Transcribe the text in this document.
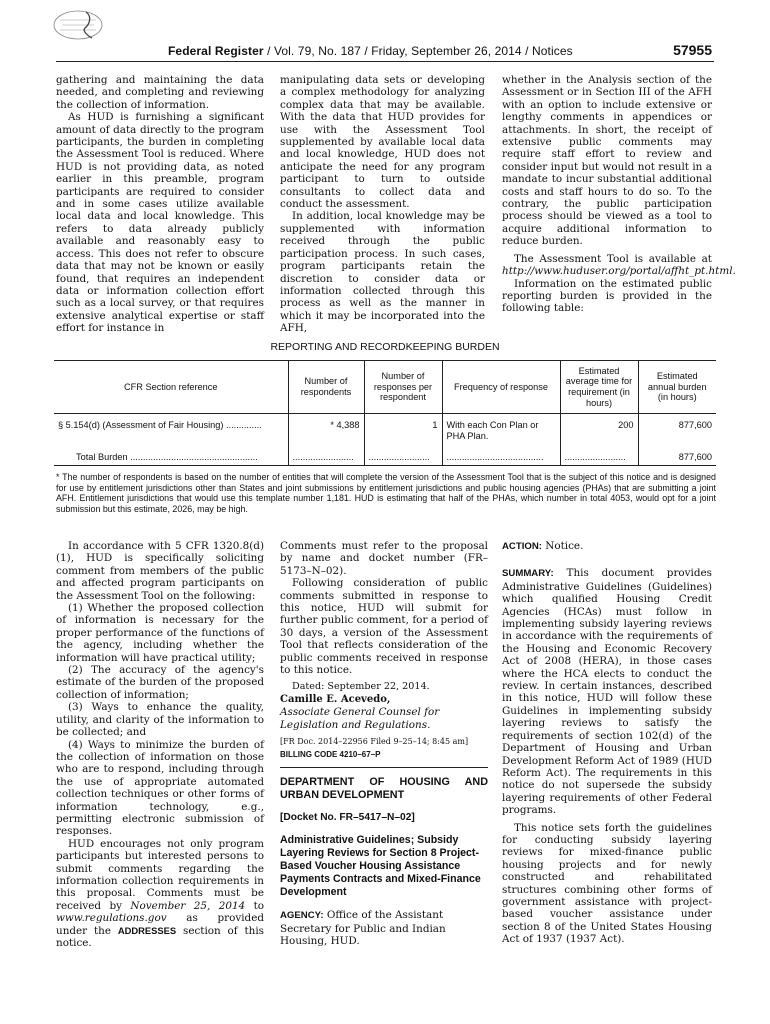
Federal Register / Vol. 79, No. 187 / Friday, September 26, 2014 / Notices	57955

gathering and maintaining the data needed, and completing and reviewing the collection of information.

As HUD is furnishing a significant amount of data directly to the program participants, the burden in completing the Assessment Tool is reduced. Where HUD is not providing data, as noted earlier in this preamble, program participants are required to consider and in some cases utilize available local data and local knowledge. This refers to data already publicly available and reasonably easy to access. This does not refer to obscure data that may not be known or easily found, that requires an independent data or information collection effort such as a local survey, or that requires extensive analytical expertise or staff effort for instance in

manipulating data sets or developing a complex methodology for analyzing complex data that may be available. With the data that HUD provides for use with the Assessment Tool supplemented by available local data and local knowledge, HUD does not anticipate the need for any program participant to turn to outside consultants to collect data and conduct the assessment.

In addition, local knowledge may be supplemented with information received through the public participation process. In such cases, program participants retain the discretion to consider data or information collected through this process as well as the manner in which it may be incorporated into the AFH,

whether in the Analysis section of the Assessment or in Section III of the AFH with an option to include extensive or lengthy comments in appendices or attachments. In short, the receipt of extensive public comments may require staff effort to review and consider input but would not result in a mandate to incur substantial additional costs and staff hours to do so. To the contrary, the public participation process should be viewed as a tool to acquire additional information to reduce burden.

The Assessment Tool is available at http://www.huduser.org/portal/affht_pt.html.

Information on the estimated public reporting burden is provided in the following table:

REPORTING AND RECORDKEEPING BURDEN
CFR Section reference	Number of respondents	Number of responses per respondent	Frequency of response	Estimated average time for requirement (in hours)	Estimated annual burden (in hours)
§ 5.154(d) (Assessment of Fair Housing) ..............	* 4,388	1	With each Con Plan or PHA Plan.	200	877,600
Total Burden ..................................................	........................	........................	......................................	........................	877,600
* The number of respondents is based on the number of entities that will complete the version of the Assessment Tool that is the subject of this notice and is designed for use by entitlement jurisdictions other than States and joint submissions by entitlement jurisdictions and public housing agencies (PHAs) that are submitting a joint AFH. Entitlement jurisdictions that would use this template number 1,181. HUD is estimating that half of the PHAs, which number in total 4053, would opt for a joint submission but this estimate, 2026, may be high.

In accordance with 5 CFR 1320.8(d)(1), HUD is specifically soliciting comment from members of the public and affected program participants on the Assessment Tool on the following:

(1) Whether the proposed collection of information is necessary for the proper performance of the functions of the agency, including whether the information will have practical utility;

(2) The accuracy of the agency's estimate of the burden of the proposed collection of information;

(3) Ways to enhance the quality, utility, and clarity of the information to be collected; and

(4) Ways to minimize the burden of the collection of information on those who are to respond, including through the use of appropriate automated collection techniques or other forms of information technology, e.g., permitting electronic submission of responses.

HUD encourages not only program participants but interested persons to submit comments regarding the information collection requirements in this proposal. Comments must be received by November 25, 2014 to www.regulations.gov as provided under the ADDRESSES section of this notice.

Comments must refer to the proposal by name and docket number (FR–5173–N–02).

Following consideration of public comments submitted in response to this notice, HUD will submit for further public comment, for a period of 30 days, a version of the Assessment Tool that reflects consideration of the public comments received in response to this notice.

Dated: September 22, 2014.

Camille E. Acevedo,

Associate General Counsel for Legislation and Regulations.

[FR Doc. 2014–22956 Filed 9–25–14; 8:45 am]

BILLING CODE 4210–67–P

DEPARTMENT OF HOUSING AND URBAN DEVELOPMENT

[Docket No. FR–5417–N–02]

Administrative Guidelines; Subsidy Layering Reviews for Section 8 Project-Based Voucher Housing Assistance Payments Contracts and Mixed-Finance Development

AGENCY: Office of the Assistant Secretary for Public and Indian Housing, HUD.

ACTION: Notice.

SUMMARY: This document provides Administrative Guidelines (Guidelines) which qualified Housing Credit Agencies (HCAs) must follow in implementing subsidy layering reviews in accordance with the requirements of the Housing and Economic Recovery Act of 2008 (HERA), in those cases where the HCA elects to conduct the review. In certain instances, described in this notice, HUD will follow these Guidelines in implementing subsidy layering reviews to satisfy the requirements of section 102(d) of the Department of Housing and Urban Development Reform Act of 1989 (HUD Reform Act). The requirements in this notice do not supersede the subsidy layering requirements of other Federal programs.

This notice sets forth the guidelines for conducting subsidy layering reviews for mixed-finance public housing projects and for newly constructed and rehabilitated structures combining other forms of government assistance with project-based voucher assistance under section 8 of the United States Housing Act of 1937 (1937 Act).
